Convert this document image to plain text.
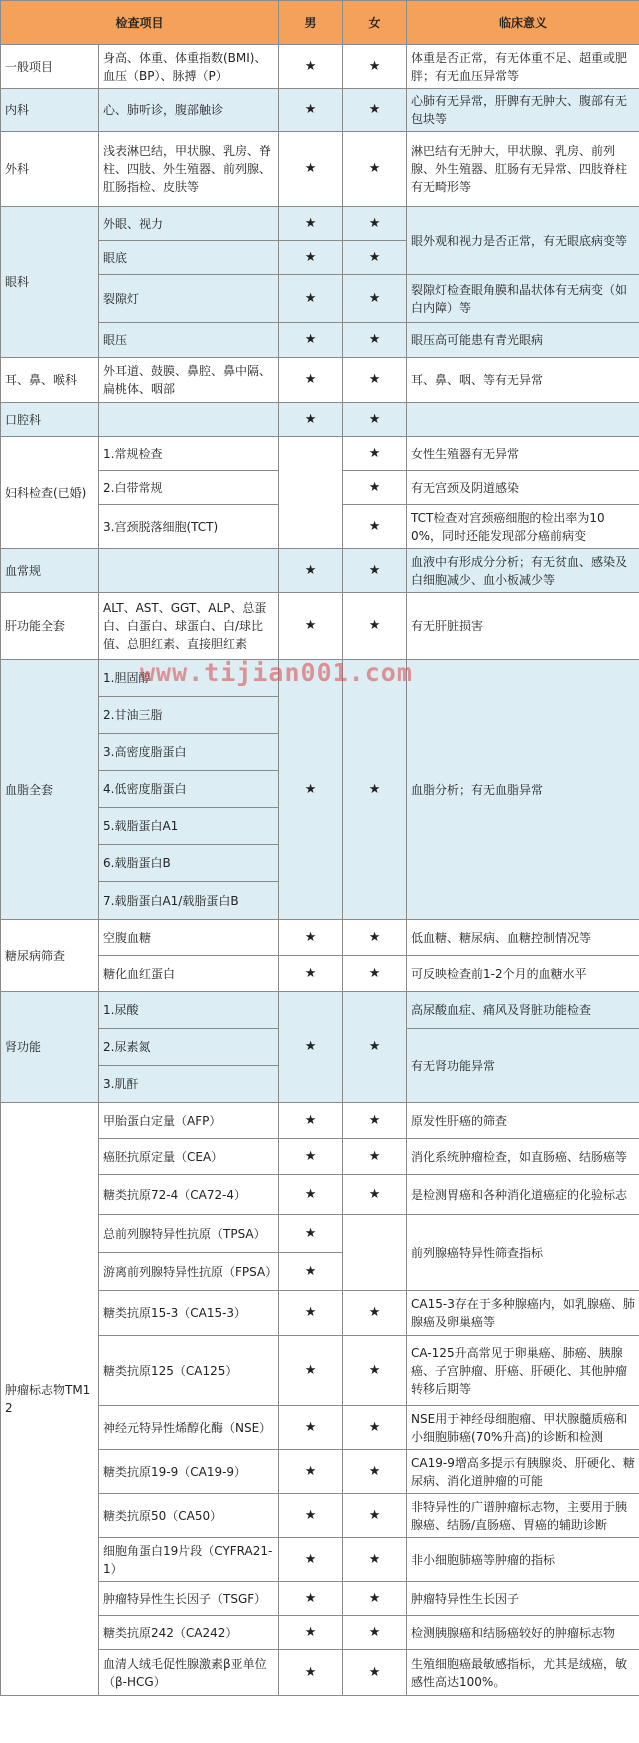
检查项目		男	女	临床意义
一般项目	身高、体重、体重指数(BMI)、血压（BP）、脉搏（P）	★	★	体重是否正常，有无体重不足、超重或肥胖；有无血压异常等
内科	心、肺听诊，腹部触诊	★	★	心肺有无异常，肝脾有无肿大、腹部有无包块等
外科	浅表淋巴结，甲状腺、乳房、脊柱、四肢、外生殖器、前列腺、肛肠指检、皮肤等	★	★	淋巴结有无肿大，甲状腺、乳房、前列腺、外生殖器、肛肠有无异常、四肢脊柱有无畸形等
眼科	外眼、视力	★	★	眼外观和视力是否正常，有无眼底病变等
	眼底	★	★	
	裂隙灯	★	★	裂隙灯检查眼角膜和晶状体有无病变（如白内障）等
	眼压	★	★	眼压高可能患有青光眼病
耳、鼻、喉科	外耳道、鼓膜、鼻腔、鼻中隔、扁桃体、咽部	★	★	耳、鼻、咽、等有无异常
口腔科		★	★	
妇科检查(已婚)	1.常规检查		★	女性生殖器有无异常
	2.白带常规		★	有无宫颈及阴道感染
	3.宫颈脱落细胞(TCT)		★	TCT检查对宫颈癌细胞的检出率为100%，同时还能发现部分癌前病变
血常规		★	★	血液中有形成分分析；有无贫血、感染及白细胞减少、血小板减少等
肝功能全套	ALT、AST、GGT、ALP、总蛋白、白蛋白、球蛋白、白/球比值、总胆红素、直接胆红素	★	★	有无肝脏损害
血脂全套	1.胆固醇	★	★	血脂分析；有无血脂异常
	2.甘油三脂			
	3.高密度脂蛋白			
	4.低密度脂蛋白			
	5.载脂蛋白A1			
	6.载脂蛋白B			
	7.载脂蛋白A1/载脂蛋白B			
糖尿病筛查	空腹血糖	★	★	低血糖、糖尿病、血糖控制情况等
	糖化血红蛋白	★	★	可反映检查前1-2个月的血糖水平
肾功能	1.尿酸	★	★	高尿酸血症、痛风及肾脏功能检查
	2.尿素氮			有无肾功能异常
	3.肌酐			
肿瘤标志物TM12	甲胎蛋白定量（AFP）	★	★	原发性肝癌的筛查
	癌胚抗原定量（CEA）	★	★	消化系统肿瘤检查，如直肠癌、结肠癌等
	糖类抗原72-4（CA72-4）	★	★	是检测胃癌和各种消化道癌症的化验标志
	总前列腺特异性抗原（TPSA）	★		前列腺癌特异性筛查指标
	游离前列腺特异性抗原（FPSA）	★		
	糖类抗原15-3（CA15-3）	★	★	CA15-3存在于多种腺癌内，如乳腺癌、肺腺癌及卵巢癌等
	糖类抗原125（CA125）	★	★	CA-125升高常见于卵巢癌、肺癌、胰腺癌、子宫肿瘤、肝癌、肝硬化、其他肿瘤转移后期等
	神经元特异性烯醇化酶（NSE）	★	★	NSE用于神经母细胞瘤、甲状腺髓质癌和小细胞肺癌(70%升高)的诊断和检测
	糖类抗原19-9（CA19-9）	★	★	CA19-9增高多提示有胰腺炎、肝硬化、糖尿病、消化道肿瘤的可能
	糖类抗原50（CA50）	★	★	非特异性的广谱肿瘤标志物，主要用于胰腺癌、结肠/直肠癌、胃癌的辅助诊断
	细胞角蛋白19片段（CYFRA21-1）	★	★	非小细胞肺癌等肿瘤的指标
	肿瘤特异性生长因子（TSGF）	★	★	肿瘤特异性生长因子
	糖类抗原242（CA242）	★	★	检测胰腺癌和结肠癌较好的肿瘤标志物
	血清人绒毛促性腺激素β亚单位（β-HCG）	★	★	生殖细胞癌最敏感指标，尤其是绒癌，敏感性高达100%。
www.tijian001.com
